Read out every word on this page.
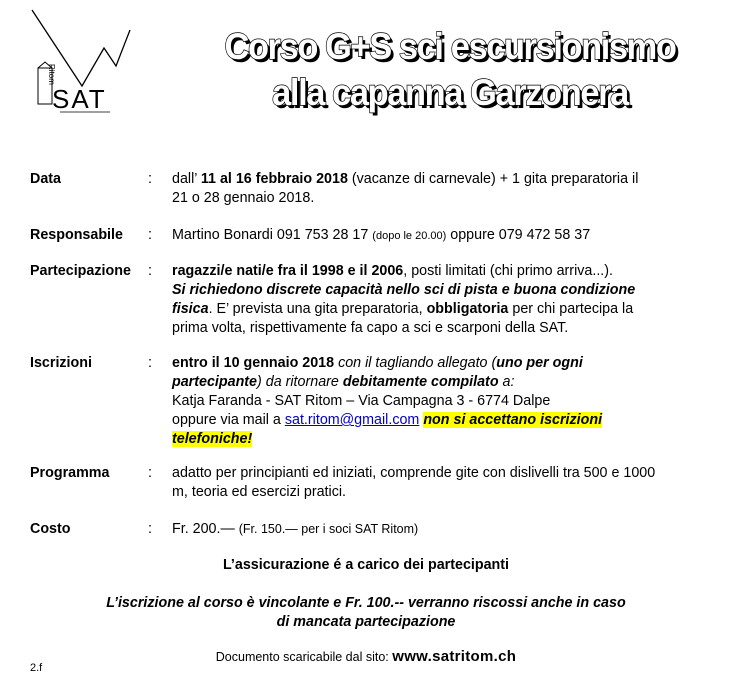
Ritom
SAT
Corso G+S sci escursionismo
alla capanna Garzonera
Data	: dall’ 11 al 16 febbraio 2018 (vacanze di carnevale) + 1 gita preparatoria il
21 o 28 gennaio 2018.
Responsabile : Martino Bonardi 091 753 28 17 (dopo le 20.00) oppure 079 472 58 37
Partecipazione : ragazzi/e nati/e fra il 1998 e il 2006, posti limitati (chi primo arriva...).
Si richiedono discrete capacità nello sci di pista e buona condizione
fisica. E’ prevista una gita preparatoria, obbligatoria per chi partecipa la
prima volta, rispettivamente fa capo a sci e scarponi della SAT.
Iscrizioni	: entro il 10 gennaio 2018 con il tagliando allegato (uno per ogni
partecipante) da ritornare debitamente compilato a:
Katja Faranda - SAT Ritom – Via Campagna 3 - 6774 Dalpe
oppure via mail a sat.ritom@gmail.com non si accettano iscrizioni
telefoniche!
Programma	: adatto per principianti ed iniziati, comprende gite con dislivelli tra 500 e 1000
m, teoria ed esercizi pratici.
Costo	: Fr. 200.— (Fr. 150.— per i soci SAT Ritom)
L’assicurazione é a carico dei partecipanti
L’iscrizione al corso è vincolante e Fr. 100.-- verranno riscossi anche in caso
di mancata partecipazione
Documento scaricabile dal sito: www.satritom.ch
2.f
